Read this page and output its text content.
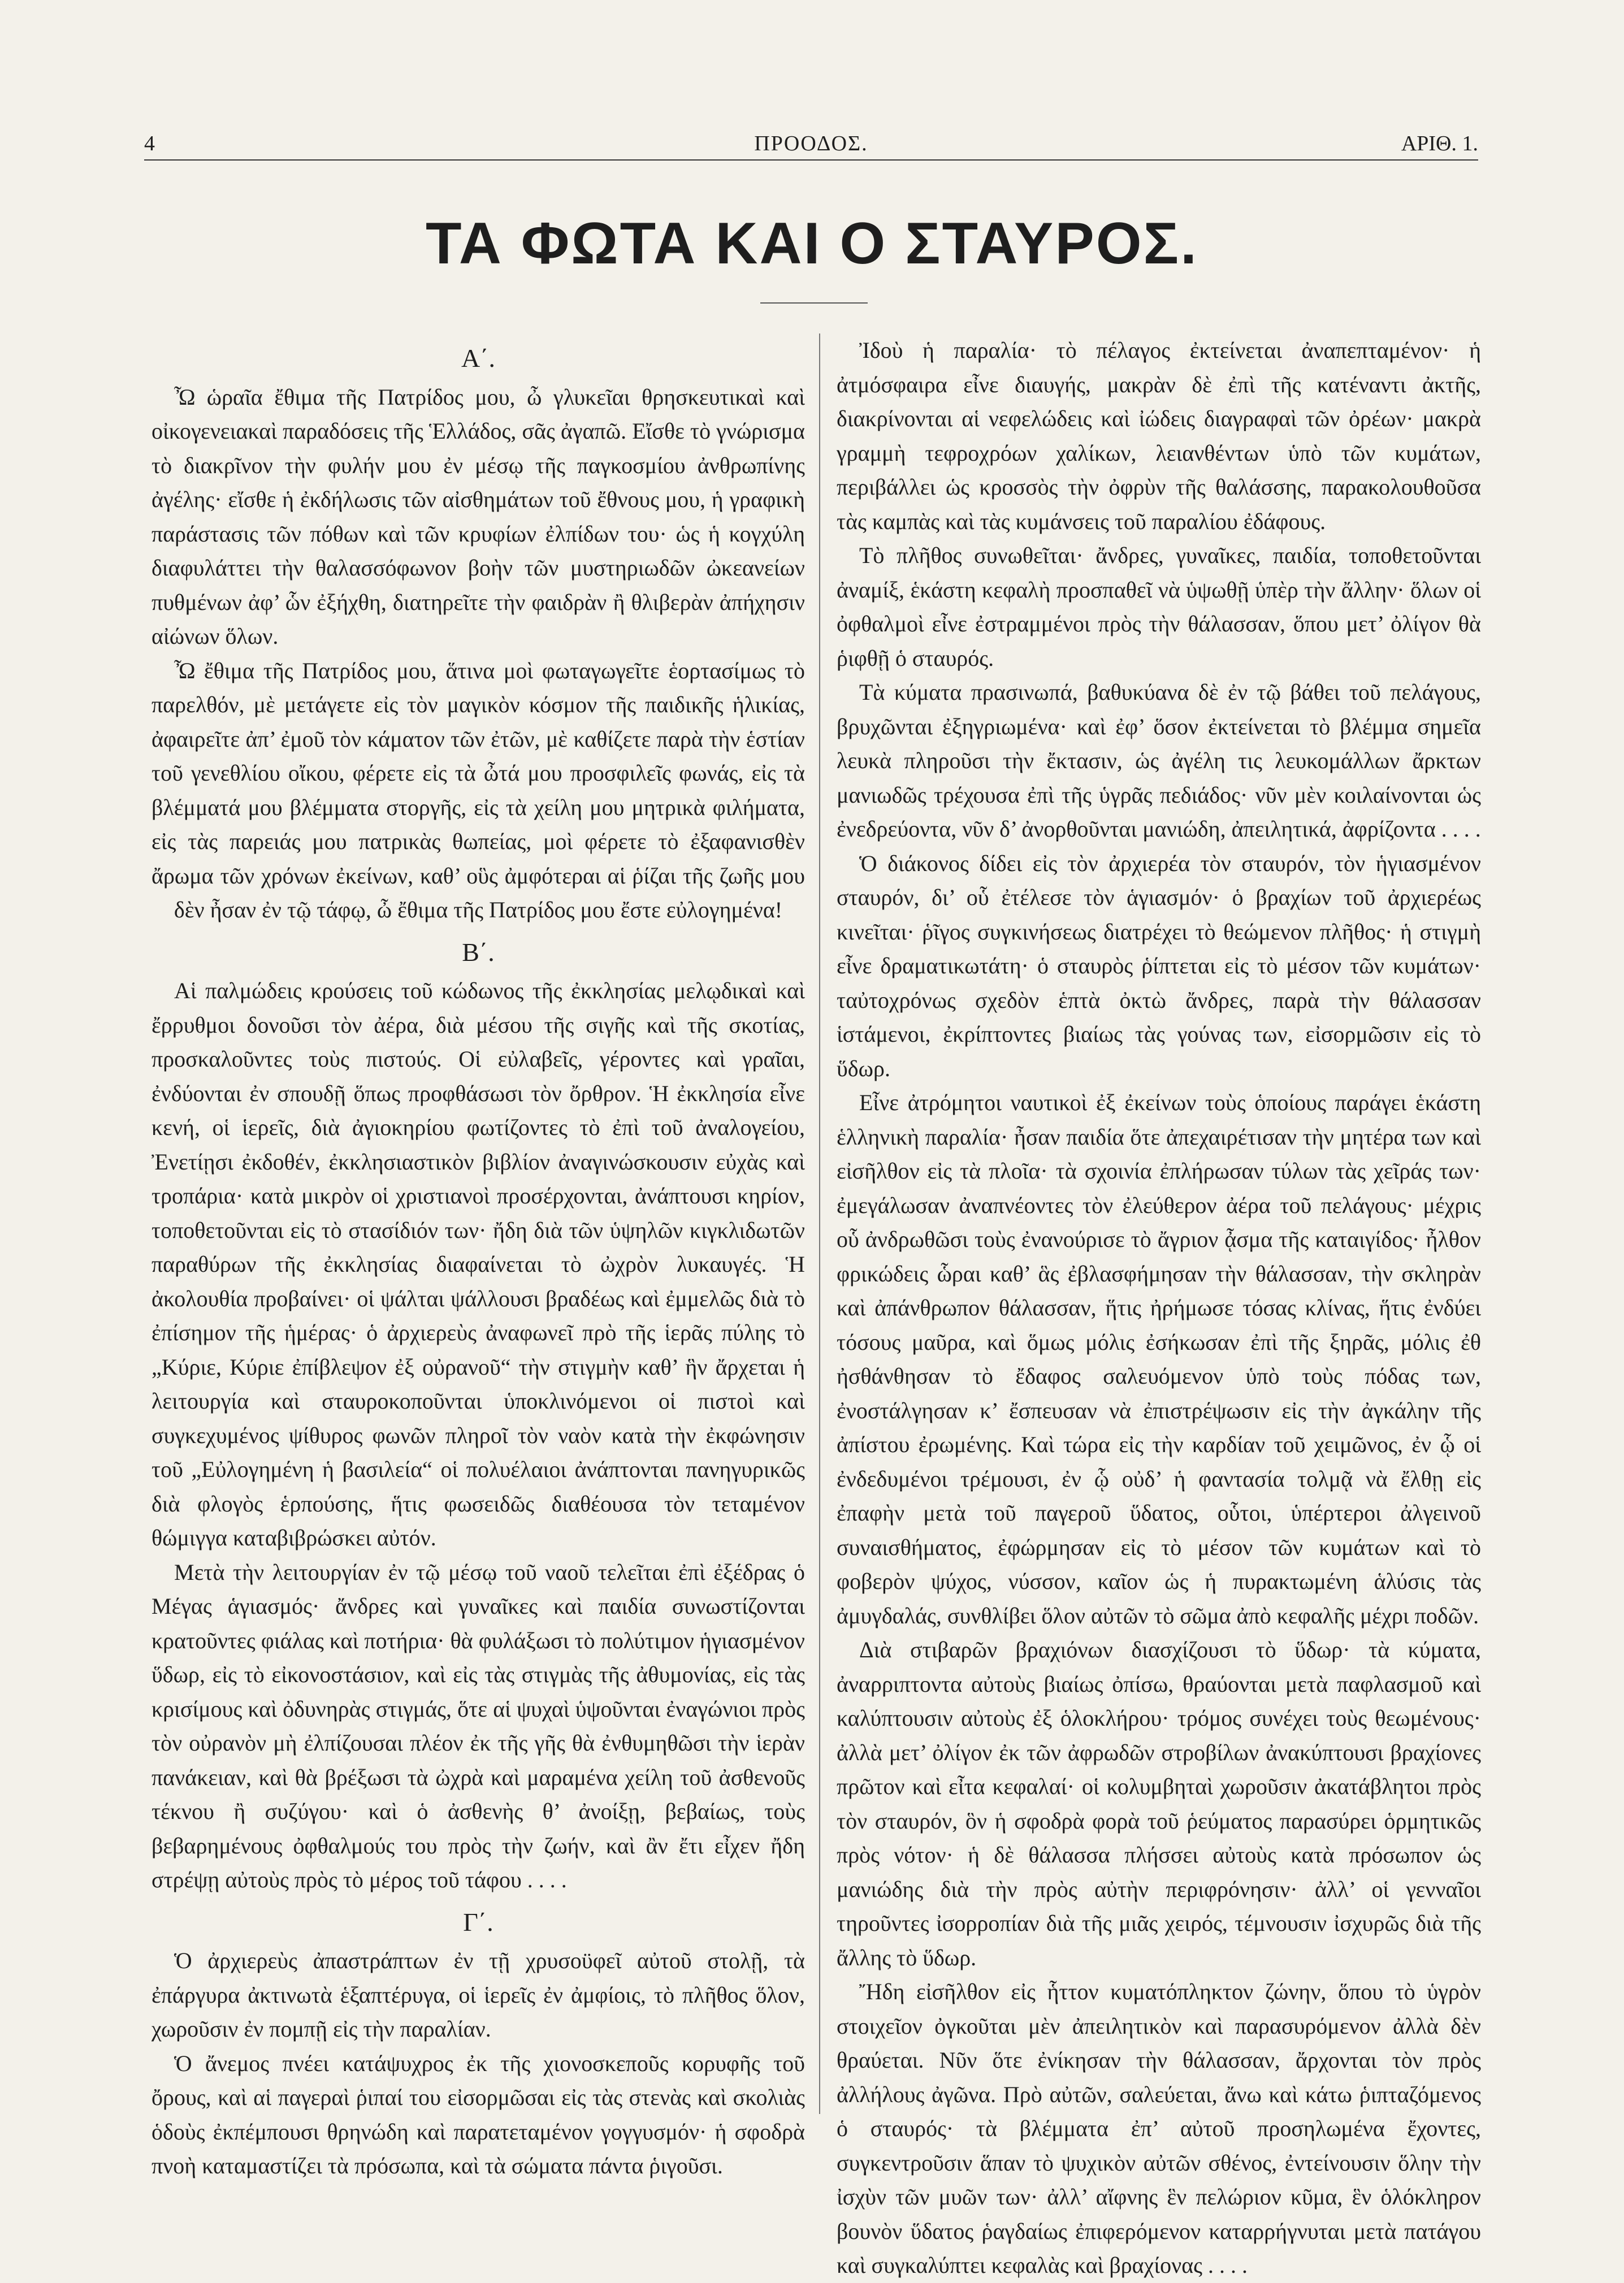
4	ΠΡΟΟΔΟΣ.	ΑΡΙΘ. 1.
ΤΑ ΦΩΤΑ ΚΑΙ Ο ΣΤΑΥΡΟΣ.
Α΄.

Ὦ ὡραῖα ἔθιμα τῆς Πατρίδος μου, ὦ γλυκεῖαι θρησκευτικαὶ καὶ οἰκογενειακαὶ παραδόσεις τῆς Ἑλλάδος, σᾶς ἀγαπῶ. Εἴσθε τὸ γνώρισμα τὸ διακρῖνον τὴν φυλήν μου ἐν μέσῳ τῆς παγκοσμίου ἀνθρωπίνης ἀγέλης· εἴσθε ἡ ἐκδήλωσις τῶν αἰσθημάτων τοῦ ἔθνους μου, ἡ γραφικὴ παράστασις τῶν πόθων καὶ τῶν κρυφίων ἐλπίδων του· ὡς ἡ κογχύλη διαφυλάττει τὴν θαλασσόφωνον βοὴν τῶν μυστηριωδῶν ὠκεανείων πυθμένων ἀφ’ ὧν ἐξήχθη, διατηρεῖτε τὴν φαιδρὰν ἢ θλιβερὰν ἀπήχησιν αἰώνων ὅλων.

Ὦ ἔθιμα τῆς Πατρίδος μου, ἅτινα μοὶ φωταγωγεῖτε ἑορτασίμως τὸ παρελθόν, μὲ μετάγετε εἰς τὸν μαγικὸν κόσμον τῆς παιδικῆς ἡλικίας, ἀφαιρεῖτε ἀπ’ ἐμοῦ τὸν κάματον τῶν ἐτῶν, μὲ καθίζετε παρὰ τὴν ἑστίαν τοῦ γενεθλίου οἴκου, φέρετε εἰς τὰ ὦτά μου προσφιλεῖς φωνάς, εἰς τὰ βλέμματά μου βλέμματα στοργῆς, εἰς τὰ χείλη μου μητρικὰ φιλήματα, εἰς τὰς παρειάς μου πατρικὰς θωπείας, μοὶ φέρετε τὸ ἐξαφανισθὲν ἄρωμα τῶν χρόνων ἐκείνων, καθ’ οὓς ἀμφότεραι αἱ ῥίζαι τῆς ζωῆς μου δὲν ἦσαν ἐν τῷ τάφῳ, ὦ ἔθιμα τῆς Πατρίδος μου ἔστε εὐλογημένα!

Β΄.

Αἱ παλμώδεις κρούσεις τοῦ κώδωνος τῆς ἐκκλησίας μελῳδικαὶ καὶ ἔρρυθμοι δονοῦσι τὸν ἀέρα, διὰ μέσου τῆς σιγῆς καὶ τῆς σκοτίας, προσκαλοῦντες τοὺς πιστούς. Οἱ εὐλαβεῖς, γέροντες καὶ γραῖαι, ἐνδύονται ἐν σπουδῇ ὅπως προφθάσωσι τὸν ὄρθρον. Ἡ ἐκκλησία εἶνε κενή, οἱ ἱερεῖς, διὰ ἀγιοκηρίου φωτίζοντες τὸ ἐπὶ τοῦ ἀναλογείου, Ἐνετίῃσι ἐκδοθέν, ἐκκλησιαστικὸν βιβλίον ἀναγινώσκουσιν εὐχὰς καὶ τροπάρια· κατὰ μικρὸν οἱ χριστιανοὶ προσέρχονται, ἀνάπτουσι κηρίον, τοποθετοῦνται εἰς τὸ στασίδιόν των· ἤδη διὰ τῶν ὑψηλῶν κιγκλιδωτῶν παραθύρων τῆς ἐκκλησίας διαφαίνεται τὸ ὠχρὸν λυκαυγές. Ἡ ἀκολουθία προβαίνει· οἱ ψάλται ψάλλουσι βραδέως καὶ ἐμμελῶς διὰ τὸ ἐπίσημον τῆς ἡμέρας· ὁ ἀρχιερεὺς ἀναφωνεῖ πρὸ τῆς ἱερᾶς πύλης τὸ „Κύριε, Κύριε ἐπίβλεψον ἐξ οὐρανοῦ“ τὴν στιγμὴν καθ’ ἣν ἄρχεται ἡ λειτουργία καὶ σταυροκοποῦνται ὑποκλινόμενοι οἱ πιστοὶ καὶ συγκεχυμένος ψίθυρος φωνῶν πληροῖ τὸν ναὸν κατὰ τὴν ἐκφώνησιν τοῦ „Εὐλογημένη ἡ βασιλεία“ οἱ πολυέλαιοι ἀνάπτονται πανηγυρικῶς διὰ φλογὸς ἑρπούσης, ἥτις φωσειδῶς διαθέουσα τὸν τεταμένον θώμιγγα καταβιβρώσκει αὐτόν.

Μετὰ τὴν λειτουργίαν ἐν τῷ μέσῳ τοῦ ναοῦ τελεῖται ἐπὶ ἐξέδρας ὁ Μέγας ἁγιασμός· ἄνδρες καὶ γυναῖκες καὶ παιδία συνωστίζονται κρατοῦντες φιάλας καὶ ποτήρια· θὰ φυλάξωσι τὸ πολύτιμον ἡγιασμένον ὕδωρ, εἰς τὸ εἰκονοστάσιον, καὶ εἰς τὰς στιγμὰς τῆς ἀθυμονίας, εἰς τὰς κρισίμους καὶ ὀδυνηρὰς στιγμάς, ὅτε αἱ ψυχαὶ ὑψοῦνται ἐναγώνιοι πρὸς τὸν οὐρανὸν μὴ ἐλπίζουσαι πλέον ἐκ τῆς γῆς θὰ ἐνθυμηθῶσι τὴν ἱερὰν πανάκειαν, καὶ θὰ βρέξωσι τὰ ὠχρὰ καὶ μαραμένα χείλη τοῦ ἀσθενοῦς τέκνου ἢ συζύγου· καὶ ὁ ἀσθενὴς θ’ ἀνοίξῃ, βεβαίως, τοὺς βεβαρημένους ὀφθαλμούς του πρὸς τὴν ζωήν, καὶ ἂν ἔτι εἶχεν ἤδη στρέψῃ αὐτοὺς πρὸς τὸ μέρος τοῦ τάφου . . . .

Γ΄.

Ὁ ἀρχιερεὺς ἀπαστράπτων ἐν τῇ χρυσοϋφεῖ αὐτοῦ στολῇ, τὰ ἐπάργυρα ἀκτινωτὰ ἑξαπτέρυγα, οἱ ἱερεῖς ἐν ἀμφίοις, τὸ πλῆθος ὅλον, χωροῦσιν ἐν πομπῇ εἰς τὴν παραλίαν.

Ὁ ἄνεμος πνέει κατάψυχρος ἐκ τῆς χιονοσκεποῦς κορυφῆς τοῦ ὄρους, καὶ αἱ παγεραὶ ῥιπαί του εἰσορμῶσαι εἰς τὰς στενὰς καὶ σκολιὰς ὁδοὺς ἐκπέμπουσι θρηνώδη καὶ παρατεταμένον γογγυσμόν· ἡ σφοδρὰ πνοὴ καταμαστίζει τὰ πρόσωπα, καὶ τὰ σώματα πάντα ῥιγοῦσι.

Ἰδοὺ ἡ παραλία· τὸ πέλαγος ἐκτείνεται ἀναπεπταμένον· ἡ ἀτμόσφαιρα εἶνε διαυγής, μακρὰν δὲ ἐπὶ τῆς κατέναντι ἀκτῆς, διακρίνονται αἱ νεφελώδεις καὶ ἰώδεις διαγραφαὶ τῶν ὀρέων· μακρὰ γραμμὴ τεφροχρόων χαλίκων, λειανθέντων ὑπὸ τῶν κυμάτων, περιβάλλει ὡς κροσσὸς τὴν ὀφρὺν τῆς θαλάσσης, παρακολουθοῦσα τὰς καμπὰς καὶ τὰς κυμάνσεις τοῦ παραλίου ἐδάφους.

Τὸ πλῆθος συνωθεῖται· ἄνδρες, γυναῖκες, παιδία, τοποθετοῦνται ἀναμίξ, ἑκάστη κεφαλὴ προσπαθεῖ νὰ ὑψωθῇ ὑπὲρ τὴν ἄλλην· ὅλων οἱ ὀφθαλμοὶ εἶνε ἐστραμμένοι πρὸς τὴν θάλασσαν, ὅπου μετ’ ὀλίγον θὰ ῥιφθῇ ὁ σταυρός.

Τὰ κύματα πρασινωπά, βαθυκύανα δὲ ἐν τῷ βάθει τοῦ πελάγους, βρυχῶνται ἐξηγριωμένα· καὶ ἐφ’ ὅσον ἐκτείνεται τὸ βλέμμα σημεῖα λευκὰ πληροῦσι τὴν ἔκτασιν, ὡς ἀγέλη τις λευκομάλλων ἄρκτων μανιωδῶς τρέχουσα ἐπὶ τῆς ὑγρᾶς πεδιάδος· νῦν μὲν κοιλαίνονται ὡς ἐνεδρεύοντα, νῦν δ’ ἀνορθοῦνται μανιώδη, ἀπειλητικά, ἀφρίζοντα . . . .

Ὁ διάκονος δίδει εἰς τὸν ἀρχιερέα τὸν σταυρόν, τὸν ἡγιασμένον σταυρόν, δι’ οὗ ἐτέλεσε τὸν ἁγιασμόν· ὁ βραχίων τοῦ ἀρχιερέως κινεῖται· ῥῖγος συγκινήσεως διατρέχει τὸ θεώμενον πλῆθος· ἡ στιγμὴ εἶνε δραματικωτάτη· ὁ σταυρὸς ῥίπτεται εἰς τὸ μέσον τῶν κυμάτων· ταὐτοχρόνως σχεδὸν ἑπτὰ ὀκτὼ ἄνδρες, παρὰ τὴν θάλασσαν ἱστάμενοι, ἐκρίπτοντες βιαίως τὰς γούνας των, εἰσορμῶσιν εἰς τὸ ὕδωρ.

Εἶνε ἀτρόμητοι ναυτικοὶ ἐξ ἐκείνων τοὺς ὁποίους παράγει ἑκάστη ἑλληνικὴ παραλία· ἦσαν παιδία ὅτε ἀπεχαιρέτισαν τὴν μητέρα των καὶ εἰσῆλθον εἰς τὰ πλοῖα· τὰ σχοινία ἐπλήρωσαν τύλων τὰς χεῖράς των· ἐμεγάλωσαν ἀναπνέοντες τὸν ἐλεύθερον ἀέρα τοῦ πελάγους· μέχρις οὗ ἀνδρωθῶσι τοὺς ἐνανούρισε τὸ ἄγριον ᾆσμα τῆς καταιγίδος· ἦλθον φρικώδεις ὧραι καθ’ ἃς ἐβλασφήμησαν τὴν θάλασσαν, τὴν σκληρὰν καὶ ἀπάνθρωπον θάλασσαν, ἥτις ἠρήμωσε τόσας κλίνας, ἥτις ἐνδύει τόσους μαῦρα, καὶ ὅμως μόλις ἐσήκωσαν ἐπὶ τῆς ξηρᾶς, μόλις ἐθ ἠσθάνθησαν τὸ ἔδαφος σαλευόμενον ὑπὸ τοὺς πόδας των, ἐνοστάλγησαν κ’ ἔσπευσαν νὰ ἐπιστρέψωσιν εἰς τὴν ἀγκάλην τῆς ἀπίστου ἐρωμένης. Καὶ τώρα εἰς τὴν καρδίαν τοῦ χειμῶνος, ἐν ᾧ οἱ ἐνδεδυμένοι τρέμουσι, ἐν ᾧ οὐδ’ ἡ φαντασία τολμᾷ νὰ ἔλθῃ εἰς ἐπαφὴν μετὰ τοῦ παγεροῦ ὕδατος, οὗτοι, ὑπέρτεροι ἀλγεινοῦ συναισθήματος, ἐφώρμησαν εἰς τὸ μέσον τῶν κυμάτων καὶ τὸ φοβερὸν ψύχος, νύσσον, καῖον ὡς ἡ πυρακτωμένη ἁλύσις τὰς ἀμυγδαλάς, συνθλίβει ὅλον αὐτῶν τὸ σῶμα ἀπὸ κεφαλῆς μέχρι ποδῶν.

Διὰ στιβαρῶν βραχιόνων διασχίζουσι τὸ ὕδωρ· τὰ κύματα, ἀναρριπτοντα αὐτοὺς βιαίως ὀπίσω, θραύονται μετὰ παφλασμοῦ καὶ καλύπτουσιν αὐτοὺς ἐξ ὁλοκλήρου· τρόμος συνέχει τοὺς θεωμένους· ἀλλὰ μετ’ ὀλίγον ἐκ τῶν ἀφρωδῶν στροβίλων ἀνακύπτουσι βραχίονες πρῶτον καὶ εἶτα κεφαλαί· οἱ κολυμβηταὶ χωροῦσιν ἀκατάβλητοι πρὸς τὸν σταυρόν, ὃν ἡ σφοδρὰ φορὰ τοῦ ῥεύματος παρασύρει ὁρμητικῶς πρὸς νότον· ἡ δὲ θάλασσα πλήσσει αὐτοὺς κατὰ πρόσωπον ὡς μανιώδης διὰ τὴν πρὸς αὐτὴν περιφρόνησιν· ἀλλ’ οἱ γενναῖοι τηροῦντες ἰσορροπίαν διὰ τῆς μιᾶς χειρός, τέμνουσιν ἰσχυρῶς διὰ τῆς ἄλλης τὸ ὕδωρ.

Ἤδη εἰσῆλθον εἰς ἧττον κυματόπληκτον ζώνην, ὅπου τὸ ὑγρὸν στοιχεῖον ὀγκοῦται μὲν ἀπειλητικὸν καὶ παρασυρόμενον ἀλλὰ δὲν θραύεται. Νῦν ὅτε ἐνίκησαν τὴν θάλασσαν, ἄρχονται τὸν πρὸς ἀλλήλους ἀγῶνα. Πρὸ αὐτῶν, σαλεύεται, ἄνω καὶ κάτω ῥιπταζόμενος ὁ σταυρός· τὰ βλέμματα ἐπ’ αὐτοῦ προσηλωμένα ἔχοντες, συγκεντροῦσιν ἅπαν τὸ ψυχικὸν αὐτῶν σθένος, ἐντείνουσιν ὅλην τὴν ἰσχὺν τῶν μυῶν των· ἀλλ’ αἴφνης ἓν πελώριον κῦμα, ἓν ὁλόκληρον βουνὸν ὕδατος ῥαγδαίως ἐπιφερόμενον καταρρήγνυται μετὰ πατάγου καὶ συγκαλύπτει κεφαλὰς καὶ βραχίονας . . . .
